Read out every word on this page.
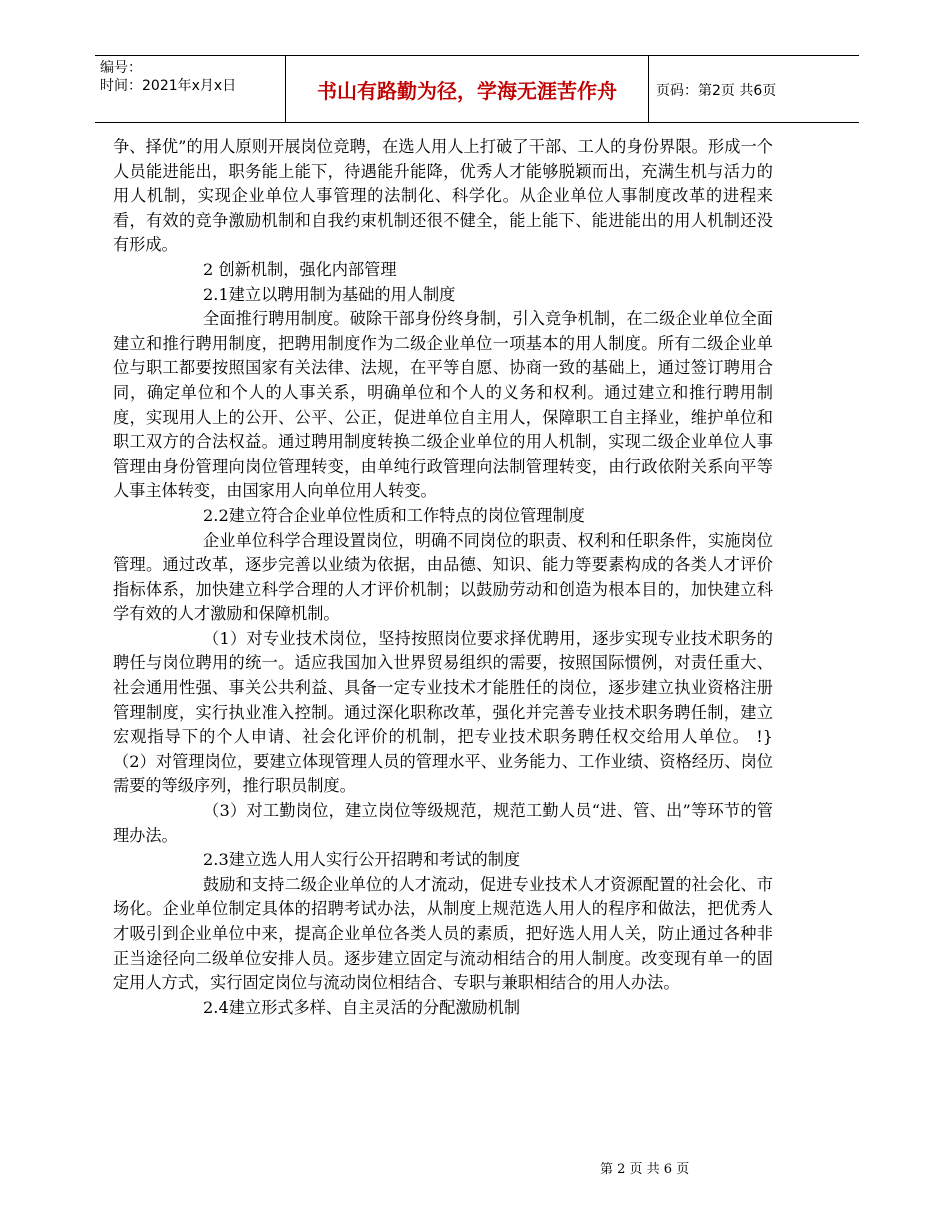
编号：
时间：2021年x月x日	书山有路勤为径，学海无涯苦作舟	页码：第2页 共6页

争、择优”的用人原则开展岗位竞聘，在选人用人上打破了干部、工人的身份界限。形成一个人员能进能出，职务能上能下，待遇能升能降，优秀人才能够脱颖而出，充满生机与活力的用人机制，实现企业单位人事管理的法制化、科学化。从企业单位人事制度改革的进程来看，有效的竞争激励机制和自我约束机制还很不健全，能上能下、能进能出的用人机制还没有形成。

2 创新机制，强化内部管理

2.1建立以聘用制为基础的用人制度

全面推行聘用制度。破除干部身份终身制，引入竞争机制，在二级企业单位全面建立和推行聘用制度，把聘用制度作为二级企业单位一项基本的用人制度。所有二级企业单位与职工都要按照国家有关法律、法规，在平等自愿、协商一致的基础上，通过签订聘用合同，确定单位和个人的人事关系，明确单位和个人的义务和权利。通过建立和推行聘用制度，实现用人上的公开、公平、公正，促进单位自主用人，保障职工自主择业，维护单位和职工双方的合法权益。通过聘用制度转换二级企业单位的用人机制，实现二级企业单位人事管理由身份管理向岗位管理转变，由单纯行政管理向法制管理转变，由行政依附关系向平等人事主体转变，由国家用人向单位用人转变。

2.2建立符合企业单位性质和工作特点的岗位管理制度

企业单位科学合理设置岗位，明确不同岗位的职责、权利和任职条件，实施岗位管理。通过改革，逐步完善以业绩为依据，由品德、知识、能力等要素构成的各类人才评价指标体系，加快建立科学合理的人才评价机制；以鼓励劳动和创造为根本目的，加快建立科学有效的人才激励和保障机制。

（1）对专业技术岗位，坚持按照岗位要求择优聘用，逐步实现专业技术职务的聘任与岗位聘用的统一。适应我国加入世界贸易组织的需要，按照国际惯例，对责任重大、社会通用性强、事关公共利益、具备一定专业技术才能胜任的岗位，逐步建立执业资格注册管理制度，实行执业准入控制。通过深化职称改革，强化并完善专业技术职务聘任制，建立宏观指导下的个人申请、社会化评价的机制，把专业技术职务聘任权交给用人单位。 !} （2）对管理岗位，要建立体现管理人员的管理水平、业务能力、工作业绩、资格经历、岗位需要的等级序列，推行职员制度。

（3）对工勤岗位，建立岗位等级规范，规范工勤人员“进、管、出”等环节的管理办法。

2.3建立选人用人实行公开招聘和考试的制度

鼓励和支持二级企业单位的人才流动，促进专业技术人才资源配置的社会化、市场化。企业单位制定具体的招聘考试办法，从制度上规范选人用人的程序和做法，把优秀人才吸引到企业单位中来，提高企业单位各类人员的素质，把好选人用人关，防止通过各种非正当途径向二级单位安排人员。逐步建立固定与流动相结合的用人制度。改变现有单一的固定用人方式，实行固定岗位与流动岗位相结合、专职与兼职相结合的用人办法。

2.4建立形式多样、自主灵活的分配激励机制

第 2 页 共 6 页
